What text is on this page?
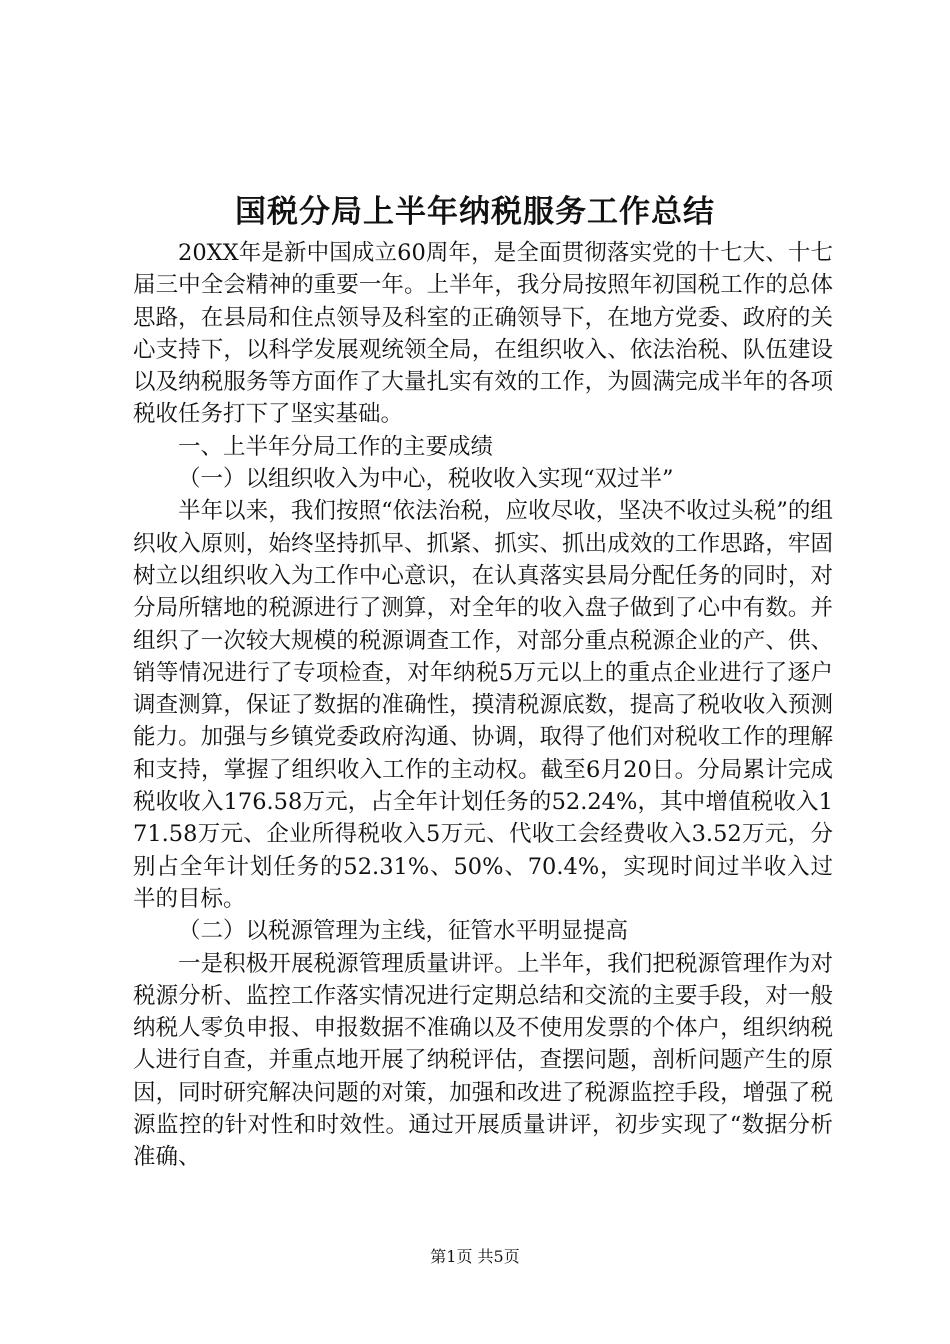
国税分局上半年纳税服务工作总结

20XX年是新中国成立60周年，是全面贯彻落实党的十七大、十七届三中全会精神的重要一年。上半年，我分局按照年初国税工作的总体思路，在县局和住点领导及科室的正确领导下，在地方党委、政府的关心支持下，以科学发展观统领全局，在组织收入、依法治税、队伍建设以及纳税服务等方面作了大量扎实有效的工作，为圆满完成半年的各项税收任务打下了坚实基础。

一、上半年分局工作的主要成绩

（一）以组织收入为中心，税收收入实现“双过半”

半年以来，我们按照“依法治税，应收尽收，坚决不收过头税”的组织收入原则，始终坚持抓早、抓紧、抓实、抓出成效的工作思路，牢固树立以组织收入为工作中心意识，在认真落实县局分配任务的同时，对分局所辖地的税源进行了测算，对全年的收入盘子做到了心中有数。并组织了一次较大规模的税源调查工作，对部分重点税源企业的产、供、销等情况进行了专项检查，对年纳税5万元以上的重点企业进行了逐户调查测算，保证了数据的准确性，摸清税源底数，提高了税收收入预测能力。加强与乡镇党委政府沟通、协调，取得了他们对税收工作的理解和支持，掌握了组织收入工作的主动权。截至6月20日。分局累计完成税收收入176.58万元，占全年计划任务的52.24%，其中增值税收入171.58万元、企业所得税收入5万元、代收工会经费收入3.52万元，分别占全年计划任务的52.31%、50%、70.4%，实现时间过半收入过半的目标。

（二）以税源管理为主线，征管水平明显提高

一是积极开展税源管理质量讲评。上半年，我们把税源管理作为对税源分析、监控工作落实情况进行定期总结和交流的主要手段，对一般纳税人零负申报、申报数据不准确以及不使用发票的个体户，组织纳税人进行自查，并重点地开展了纳税评估，查摆问题，剖析问题产生的原因，同时研究解决问题的对策，加强和改进了税源监控手段，增强了税源监控的针对性和时效性。通过开展质量讲评，初步实现了“数据分析准确、

第1页 共5页
